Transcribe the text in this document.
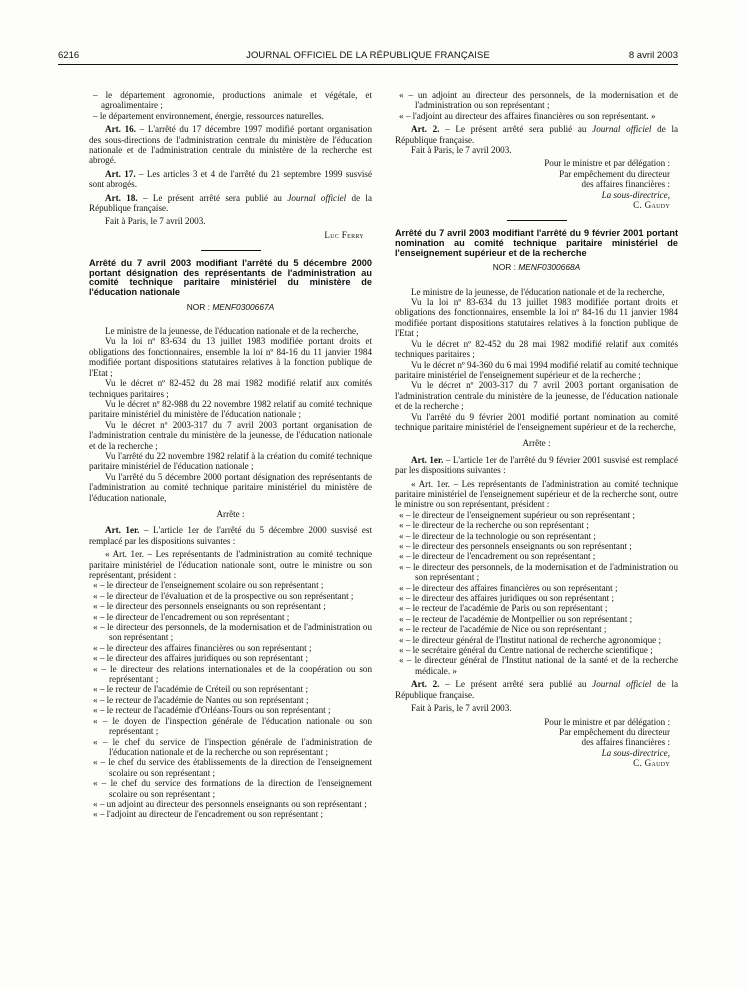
6216	JOURNAL OFFICIEL DE LA RÉPUBLIQUE FRANÇAISE	8 avril 2003

– le département agronomie, productions animale et végétale, et agroalimentaire ;

– le département environnement, énergie, ressources naturelles.

Art. 16. – L'arrêté du 17 décembre 1997 modifié portant organisation des sous-directions de l'administration centrale du ministère de l'éducation nationale et de l'administration centrale du ministère de la recherche est abrogé.

Art. 17. – Les articles 3 et 4 de l'arrêté du 21 septembre 1999 susvisé sont abrogés.

Art. 18. – Le présent arrêté sera publié au Journal officiel de la République française.

Fait à Paris, le 7 avril 2003.

Luc Ferry

Arrêté du 7 avril 2003 modifiant l'arrêté du 5 décembre 2000 portant désignation des représentants de l'administration au comité technique paritaire ministériel du ministère de l'éducation nationale

NOR : MENF0300667A

Le ministre de la jeunesse, de l'éducation nationale et de la recherche,

Vu la loi nº 83-634 du 13 juillet 1983 modifiée portant droits et obligations des fonctionnaires, ensemble la loi nº 84-16 du 11 janvier 1984 modifiée portant dispositions statutaires relatives à la fonction publique de l'Etat ;

Vu le décret nº 82-452 du 28 mai 1982 modifié relatif aux comités techniques paritaires ;

Vu le décret nº 82-988 du 22 novembre 1982 relatif au comité technique paritaire ministériel du ministère de l'éducation nationale ;

Vu le décret nº 2003-317 du 7 avril 2003 portant organisation de l'administration centrale du ministère de la jeunesse, de l'éducation nationale et de la recherche ;

Vu l'arrêté du 22 novembre 1982 relatif à la création du comité technique paritaire ministériel de l'éducation nationale ;

Vu l'arrêté du 5 décembre 2000 portant désignation des représentants de l'administration au comité technique paritaire ministériel du ministère de l'éducation nationale,

Arrête :

Art. 1er. – L'article 1er de l'arrêté du 5 décembre 2000 susvisé est remplacé par les dispositions suivantes :

« Art. 1er. – Les représentants de l'administration au comité technique paritaire ministériel de l'éducation nationale sont, outre le ministre ou son représentant, président :

« – le directeur de l'enseignement scolaire ou son représentant ;

« – le directeur de l'évaluation et de la prospective ou son représentant ;

« – le directeur des personnels enseignants ou son représentant ;

« – le directeur de l'encadrement ou son représentant ;

« – le directeur des personnels, de la modernisation et de l'administration ou son représentant ;

« – le directeur des affaires financières ou son représentant ;

« – le directeur des affaires juridiques ou son représentant ;

« – le directeur des relations internationales et de la coopération ou son représentant ;

« – le recteur de l'académie de Créteil ou son représentant ;

« – le recteur de l'académie de Nantes ou son représentant ;

« – le recteur de l'académie d'Orléans-Tours ou son représentant ;

« – le doyen de l'inspection générale de l'éducation nationale ou son représentant ;

« – le chef du service de l'inspection générale de l'administration de l'éducation nationale et de la recherche ou son représentant ;

« – le chef du service des établissements de la direction de l'enseignement scolaire ou son représentant ;

« – le chef du service des formations de la direction de l'enseignement scolaire ou son représentant ;

« – un adjoint au directeur des personnels enseignants ou son représentant ;

« – l'adjoint au directeur de l'encadrement ou son représentant ;

« – un adjoint au directeur des personnels, de la modernisation et de l'administration ou son représentant ;

« – l'adjoint au directeur des affaires financières ou son représentant. »

Art. 2. – Le présent arrêté sera publié au Journal officiel de la République française.

Fait à Paris, le 7 avril 2003.

Pour le ministre et par délégation :

Par empêchement du directeur

des affaires financières :

La sous-directrice,

C. Gaudy

Arrêté du 7 avril 2003 modifiant l'arrêté du 9 février 2001 portant nomination au comité technique paritaire ministériel de l'enseignement supérieur et de la recherche

NOR : MENF0300668A

Le ministre de la jeunesse, de l'éducation nationale et de la recherche,

Vu la loi nº 83-634 du 13 juillet 1983 modifiée portant droits et obligations des fonctionnaires, ensemble la loi nº 84-16 du 11 janvier 1984 modifiée portant dispositions statutaires relatives à la fonction publique de l'Etat ;

Vu le décret nº 82-452 du 28 mai 1982 modifié relatif aux comités techniques paritaires ;

Vu le décret nº 94-360 du 6 mai 1994 modifié relatif au comité technique paritaire ministériel de l'enseignement supérieur et de la recherche ;

Vu le décret nº 2003-317 du 7 avril 2003 portant organisation de l'administration centrale du ministère de la jeunesse, de l'éducation nationale et de la recherche ;

Vu l'arrêté du 9 février 2001 modifié portant nomination au comité technique paritaire ministériel de l'enseignement supérieur et de la recherche,

Arrête :

Art. 1er. – L'article 1er de l'arrêté du 9 février 2001 susvisé est remplacé par les dispositions suivantes :

« Art. 1er. – Les représentants de l'administration au comité technique paritaire ministériel de l'enseignement supérieur et de la recherche sont, outre le ministre ou son représentant, président :

« – le directeur de l'enseignement supérieur ou son représentant ;

« – le directeur de la recherche ou son représentant ;

« – le directeur de la technologie ou son représentant ;

« – le directeur des personnels enseignants ou son représentant ;

« – le directeur de l'encadrement ou son représentant ;

« – le directeur des personnels, de la modernisation et de l'administration ou son représentant ;

« – le directeur des affaires financières ou son représentant ;

« – le directeur des affaires juridiques ou son représentant ;

« – le recteur de l'académie de Paris ou son représentant ;

« – le recteur de l'académie de Montpellier ou son représentant ;

« – le recteur de l'académie de Nice ou son représentant ;

« – le directeur général de l'Institut national de recherche agronomique ;

« – le secrétaire général du Centre national de recherche scientifique ;

« – le directeur général de l'Institut national de la santé et de la recherche médicale. »

Art. 2. – Le présent arrêté sera publié au Journal officiel de la République française.

Fait à Paris, le 7 avril 2003.

Pour le ministre et par délégation :

Par empêchement du directeur

des affaires financières :

La sous-directrice,

C. Gaudy
